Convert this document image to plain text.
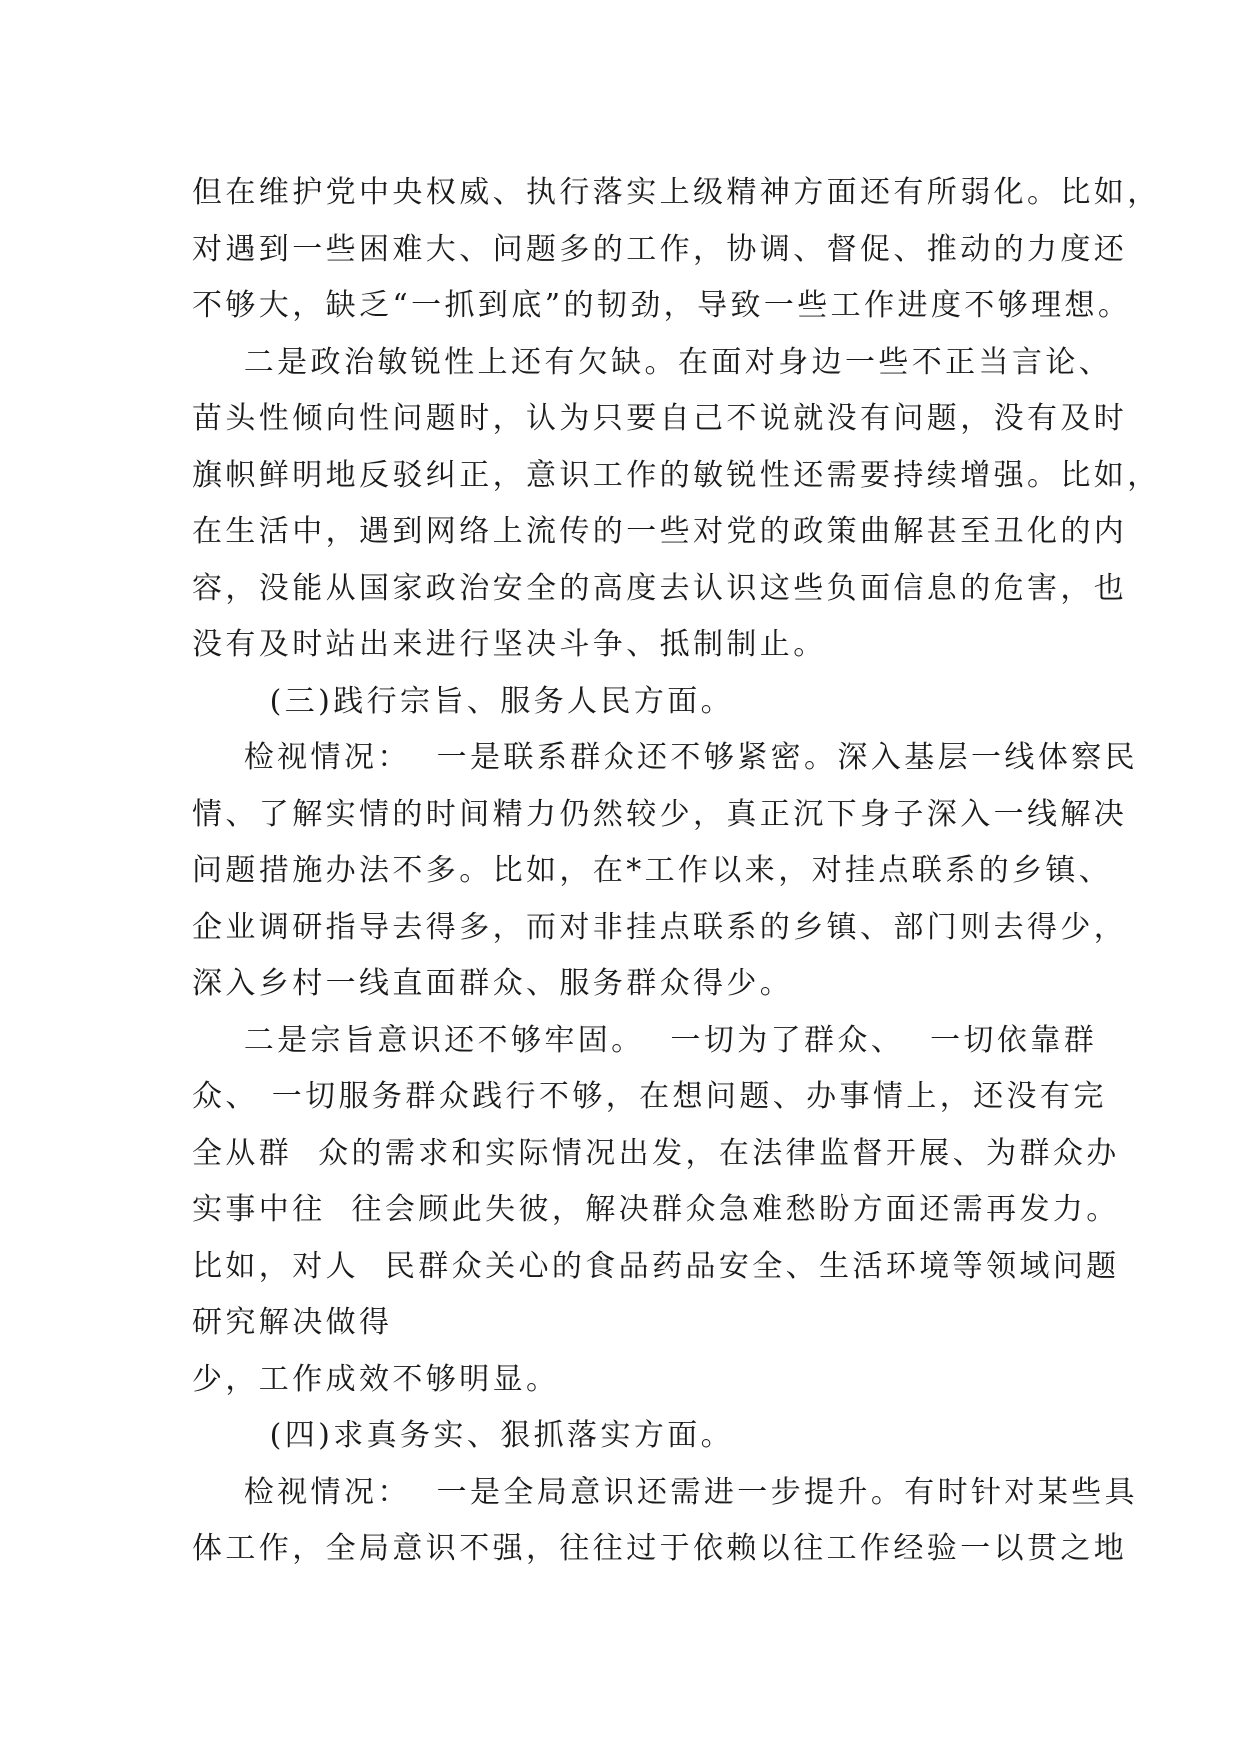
但在维护党中央权威、执行落实上级精神方面还有所弱化。比如，
对遇到一些困难大、问题多的工作，协调、督促、推动的力度还
不够大，缺乏“一抓到底”的韧劲，导致一些工作进度不够理想。
二是政治敏锐性上还有欠缺。在面对身边一些不正当言论、
苗头性倾向性问题时，认为只要自己不说就没有问题，没有及时
旗帜鲜明地反驳纠正，意识工作的敏锐性还需要持续增强。比如，
在生活中，遇到网络上流传的一些对党的政策曲解甚至丑化的内
容，没能从国家政治安全的高度去认识这些负面信息的危害，也
没有及时站出来进行坚决斗争、抵制制止。
(三)践行宗旨、服务人民方面。
检视情况：  一是联系群众还不够紧密。深入基层一线体察民
情、了解实情的时间精力仍然较少，真正沉下身子深入一线解决
问题措施办法不多。比如，在*工作以来，对挂点联系的乡镇、
企业调研指导去得多，而对非挂点联系的乡镇、部门则去得少，
深入乡村一线直面群众、服务群众得少。
二是宗旨意识还不够牢固。  一切为了群众、  一切依靠群
众、 一切服务群众践行不够，在想问题、办事情上，还没有完
全从群  众的需求和实际情况出发，在法律监督开展、为群众办
实事中往  往会顾此失彼，解决群众急难愁盼方面还需再发力。
比如，对人  民群众关心的食品药品安全、生活环境等领域问题
研究解决做得
少，工作成效不够明显。
(四)求真务实、狠抓落实方面。
检视情况：  一是全局意识还需进一步提升。有时针对某些具
体工作，全局意识不强，往往过于依赖以往工作经验一以贯之地
